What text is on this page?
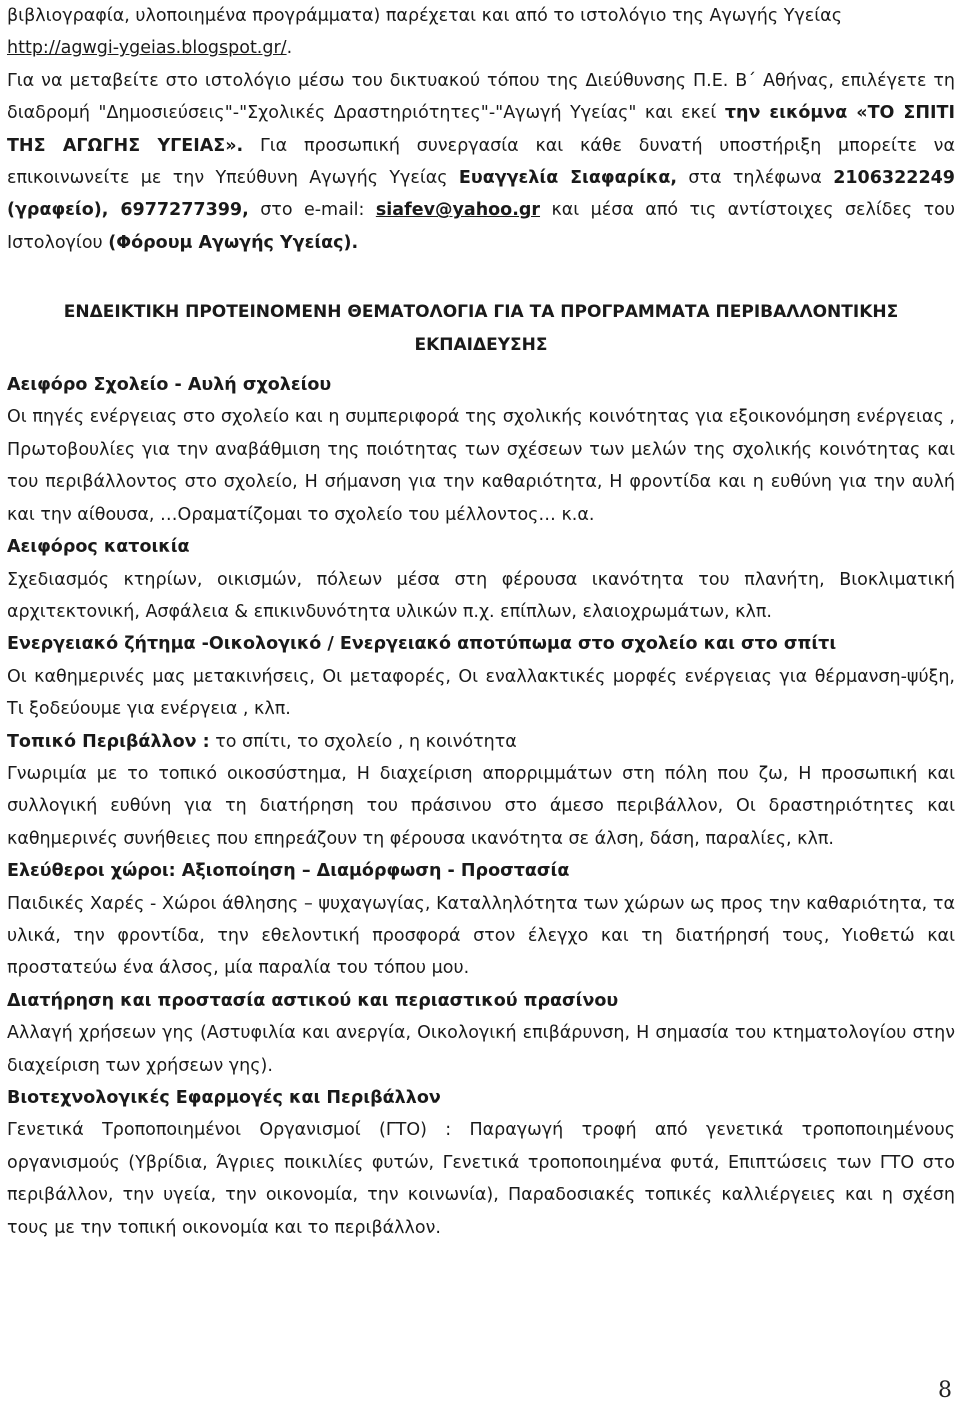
βιβλιογραφία, υλοποιημένα προγράμματα) παρέχεται και από το ιστολόγιο της Αγωγής Υγείας
http://agwgi-ygeias.blogspot.gr/.

Για να μεταβείτε στο ιστολόγιο μέσω του δικτυακού τόπου της Διεύθυνσης Π.Ε. Β΄ Αθήνας, επιλέγετε τη διαδρομή "Δημοσιεύσεις"-"Σχολικές Δραστηριότητες"-"Αγωγή Υγείας" και εκεί την εικόμνα «ΤΟ ΣΠΙΤΙ ΤΗΣ ΑΓΩΓΗΣ ΥΓΕΙΑΣ». Για προσωπική συνεργασία και κάθε δυνατή υποστήριξη μπορείτε να επικοινωνείτε με την Υπεύθυνη Αγωγής Υγείας Ευαγγελία Σιαφαρίκα, στα τηλέφωνα 2106322249 (γραφείο), 6977277399, στο e-mail: siafev@yahoo.gr και μέσα από τις αντίστοιχες σελίδες του Ιστολογίου (Φόρουμ Αγωγής Υγείας).

ΕΝΔΕΙΚΤΙΚΗ ΠΡΟΤΕΙΝΟΜΕΝΗ ΘΕΜΑΤΟΛΟΓΙΑ ΓΙΑ ΤΑ ΠΡΟΓΡΑΜΜΑΤΑ ΠΕΡΙΒΑΛΛΟΝΤΙΚΗΣ ΕΚΠΑΙΔΕΥΣΗΣ
Αειφόρο Σχολείο - Αυλή σχολείου

Οι πηγές ενέργειας στο σχολείο και η συμπεριφορά της σχολικής κοινότητας για εξοικονόμηση ενέργειας , Πρωτοβουλίες για την αναβάθμιση της ποιότητας των σχέσεων των μελών της σχολικής κοινότητας και του περιβάλλοντος στο σχολείο, Η σήμανση για την καθαριότητα, Η φροντίδα και η ευθύνη για την αυλή και την αίθουσα, …Οραματίζομαι το σχολείο του μέλλοντος… κ.α.

Αειφόρος κατοικία

Σχεδιασμός κτηρίων, οικισμών, πόλεων μέσα στη φέρουσα ικανότητα του πλανήτη, Βιοκλιματική αρχιτεκτονική, Ασφάλεια & επικινδυνότητα υλικών π.χ. επίπλων, ελαιοχρωμάτων, κλπ.

Ενεργειακό ζήτημα -Οικολογικό / Ενεργειακό αποτύπωμα στο σχολείο και στο σπίτι

Οι καθημερινές μας μετακινήσεις, Οι μεταφορές, Οι εναλλακτικές μορφές ενέργειας για θέρμανση-ψύξη, Τι ξοδεύουμε για ενέργεια , κλπ.

Τοπικό Περιβάλλον : το σπίτι, το σχολείο , η κοινότητα

Γνωριμία με το τοπικό οικοσύστημα, Η διαχείριση απορριμμάτων στη πόλη που ζω, Η προσωπική και συλλογική ευθύνη για τη διατήρηση του πράσινου στο άμεσο περιβάλλον, Οι δραστηριότητες και καθημερινές συνήθειες που επηρεάζουν τη φέρουσα ικανότητα σε άλση, δάση, παραλίες, κλπ.

Ελεύθεροι χώροι: Αξιοποίηση – Διαμόρφωση - Προστασία

Παιδικές Χαρές - Χώροι άθλησης – ψυχαγωγίας, Καταλληλότητα των χώρων ως προς την καθαριότητα, τα υλικά, την φροντίδα, την εθελοντική προσφορά στον έλεγχο και τη διατήρησή τους, Υιοθετώ και προστατεύω ένα άλσος, μία παραλία του τόπου μου.

Διατήρηση και προστασία αστικού και περιαστικού πρασίνου

Αλλαγή χρήσεων γης (Αστυφιλία και ανεργία, Οικολογική επιβάρυνση, Η σημασία του κτηματολογίου στην διαχείριση των χρήσεων γης).

Βιοτεχνολογικές Εφαρμογές και Περιβάλλον

Γενετικά Τροποποιημένοι Οργανισμοί (ΓΤΟ) : Παραγωγή τροφή από γενετικά τροποποιημένους οργανισμούς (Υβρίδια, Άγριες ποικιλίες φυτών, Γενετικά τροποποιημένα φυτά, Επιπτώσεις των ΓΤΟ στο περιβάλλον, την υγεία, την οικονομία, την κοινωνία), Παραδοσιακές τοπικές καλλιέργειες και η σχέση τους με την τοπική οικονομία και το περιβάλλον.

8
